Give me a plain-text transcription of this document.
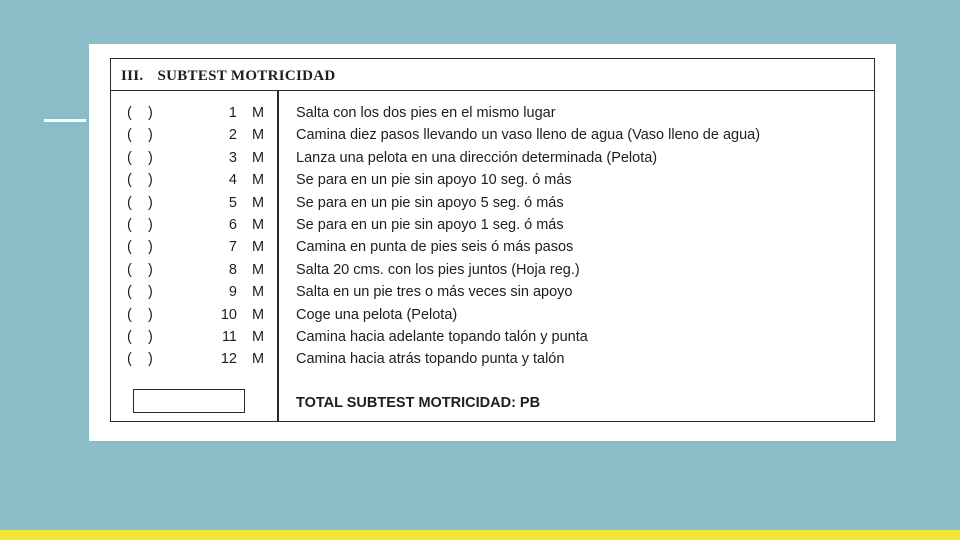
III. SUBTEST MOTRICIDAD
( )	1 M Salta con los dos pies en el mismo lugar
( )	2 M Camina diez pasos llevando un vaso lleno de agua (Vaso lleno de agua)
( )	3 M Lanza una pelota en una dirección determinada (Pelota)
( )	4 M Se para en un pie sin apoyo 10 seg. ó más
( )	5 M Se para en un pie sin apoyo 5 seg. ó más
( )	6 M Se para en un pie sin apoyo 1 seg. ó más
( )	7 M Camina en punta de pies seis ó más pasos
( )	8 M Salta 20 cms. con los pies juntos (Hoja reg.)
( )	9 M Salta en un pie tres o más veces sin apoyo
( )	10 M Coge una pelota (Pelota)
( )	11 M Camina hacia adelante topando talón y punta
( )	12 M Camina hacia atrás topando punta y talón
TOTAL SUBTEST MOTRICIDAD: PB
